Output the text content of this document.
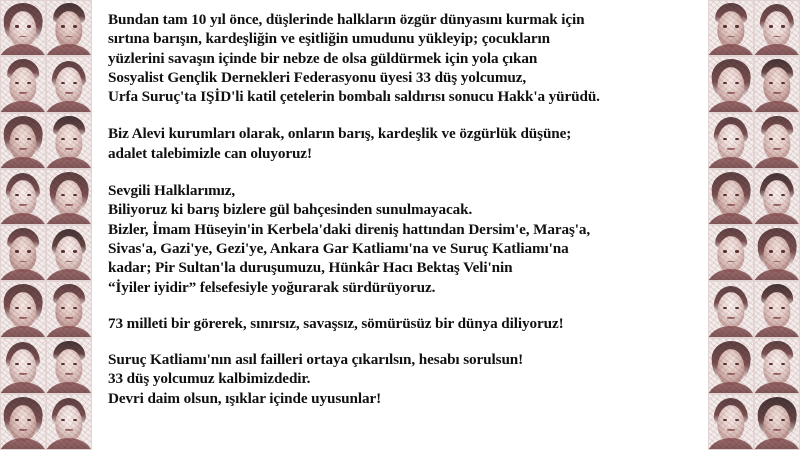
Bundan tam 10 yıl önce, düşlerinde halkların özgür dünyasını kurmak için
sırtına barışın, kardeşliğin ve eşitliğin umudunu yükleyip; çocukların
yüzlerini savaşın içinde bir nebze de olsa güldürmek için yola çıkan
Sosyalist Gençlik Dernekleri Federasyonu üyesi 33 düş yolcumuz,
Urfa Suruç'ta IŞİD'li katil çetelerin bombalı saldırısı sonucu Hakk'a yürüdü.
Biz Alevi kurumları olarak, onların barış, kardeşlik ve özgürlük düşüne;
adalet talebimizle can oluyoruz!
Sevgili Halklarımız,
Biliyoruz ki barış bizlere gül bahçesinden sunulmayacak.
Bizler, İmam Hüseyin'in Kerbela'daki direniş hattından Dersim'e, Maraş'a,
Sivas'a, Gazi'ye, Gezi'ye, Ankara Gar Katliamı'na ve Suruç Katliamı'na
kadar; Pir Sultan'la duruşumuzu, Hünkâr Hacı Bektaş Veli'nin
“İyiler iyidir” felsefesiyle yoğurarak sürdürüyoruz.
73 milleti bir görerek, sınırsız, savaşsız, sömürüsüz bir dünya diliyoruz!
Suruç Katliamı'nın asıl failleri ortaya çıkarılsın, hesabı sorulsun!
33 düş yolcumuz kalbimizdedir.
Devri daim olsun, ışıklar içinde uyusunlar!
